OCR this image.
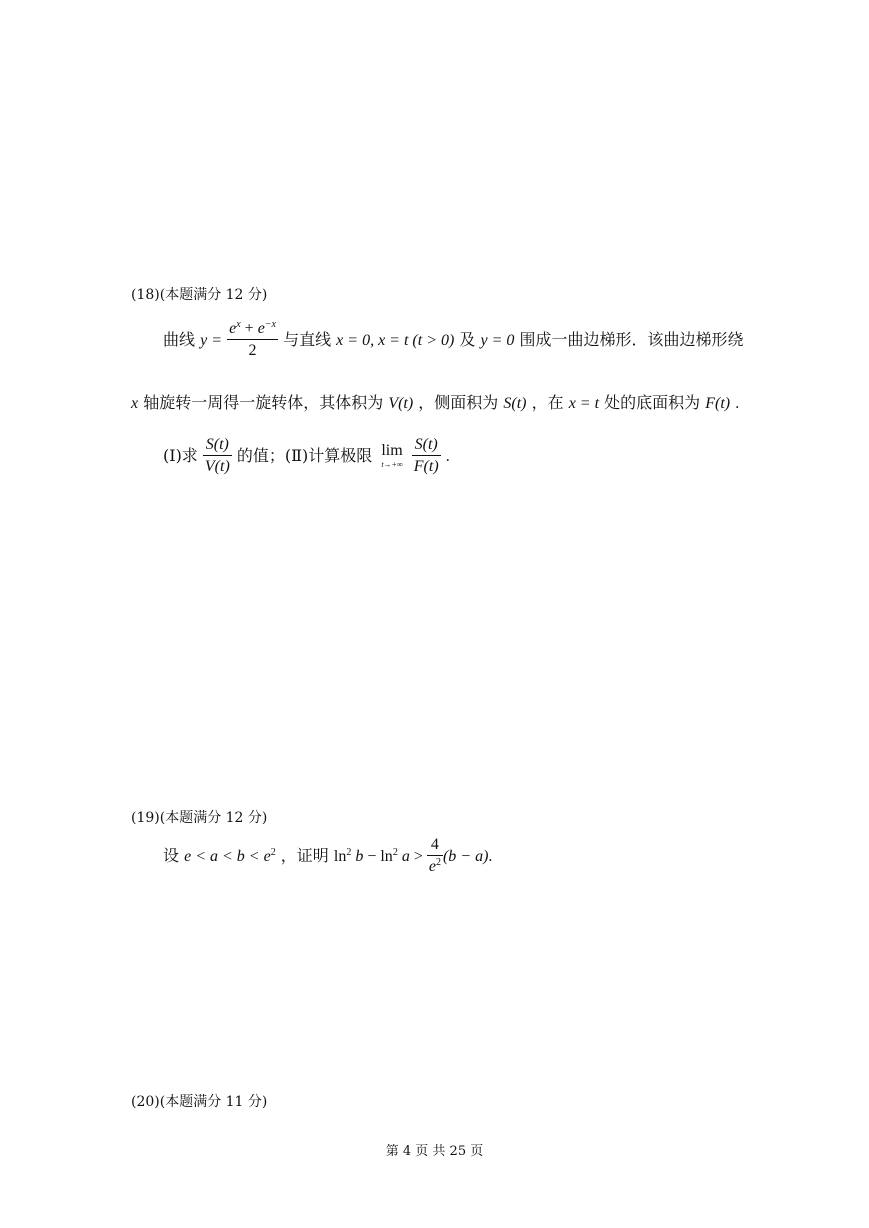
(18)(本题满分 12 分)
曲线 $y = \frac{e^x + e^{-x}}{2}$ 与直线 x = 0, x = t (t > 0) 及 y = 0 围成一曲边梯形．该曲边梯形绕
x 轴旋转一周得一旋转体，其体积为 V(t) ，侧面积为 S(t) ，在 x = t 处的底面积为 F(t) .
(Ⅰ)求 $\frac{S(t)}{V(t)}$ 的值；(Ⅱ)计算极限 lim
t→+∞
$\frac{S(t)}{F(t)}$ .
(19)(本题满分 12 分)
设 $e < a < b < e^2$ ，证明 $\ln^2 b - \ln^2 a > \frac{4}{e^2} (b - a)$.
(20)(本题满分 11 分)
第 4 页 共 25 页
